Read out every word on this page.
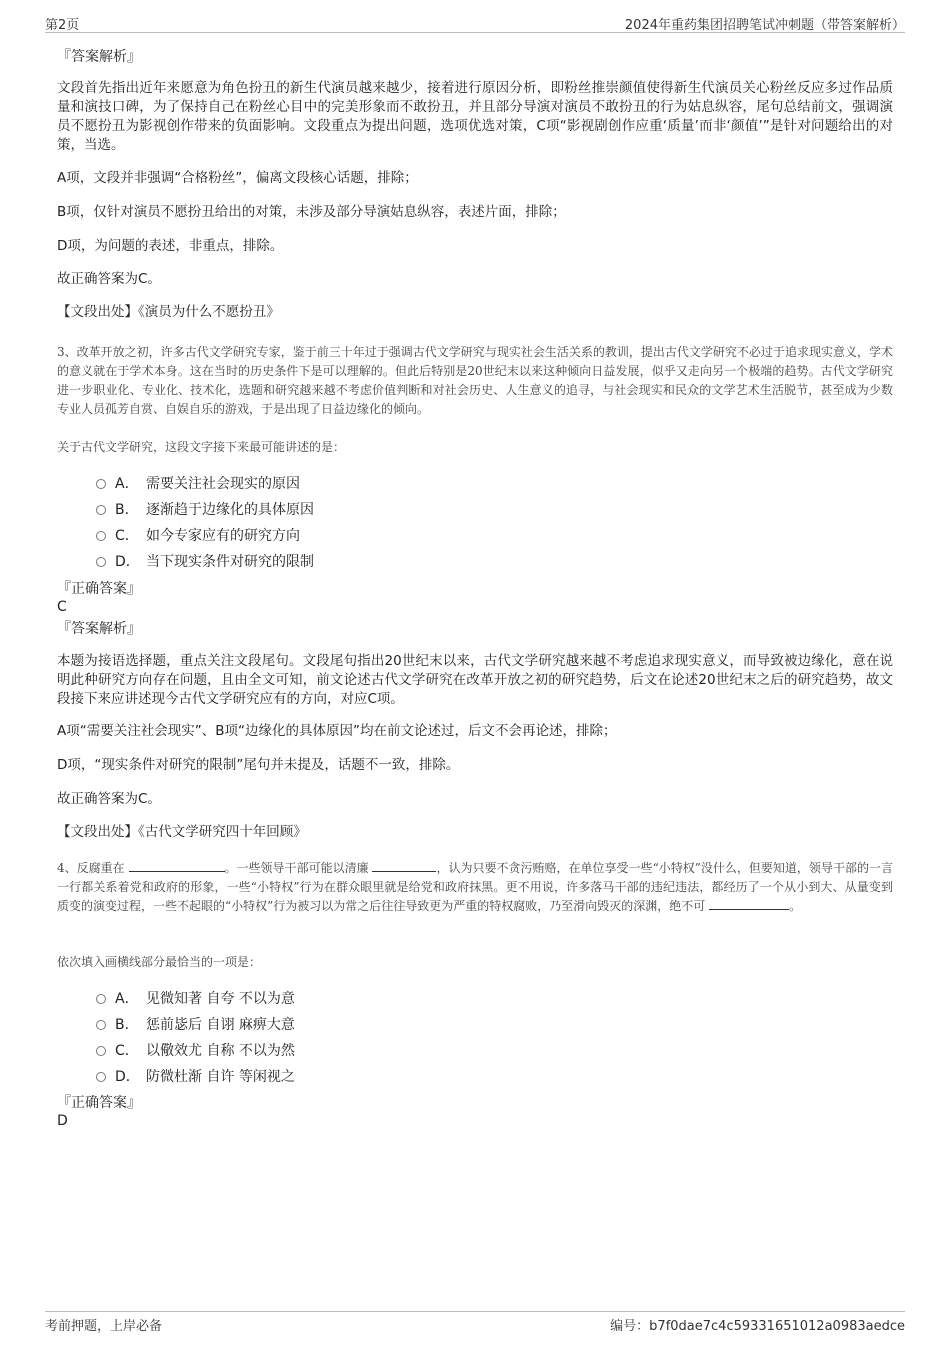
第2页	2024年重药集团招聘笔试冲刺题（带答案解析）
『答案解析』
文段首先指出近年来愿意为角色扮丑的新生代演员越来越少，接着进行原因分析，即粉丝推崇颜值使得新生代演员关心粉丝反应多过作品质量和演技口碑，为了保持自己在粉丝心目中的完美形象而不敢扮丑，并且部分导演对演员不敢扮丑的行为姑息纵容，尾句总结前文，强调演员不愿扮丑为影视创作带来的负面影响。文段重点为提出问题，选项优选对策，C项“影视剧创作应重‘质量’而非‘颜值’”是针对问题给出的对策，当选。
A项，文段并非强调“合格粉丝”，偏离文段核心话题，排除；
B项，仅针对演员不愿扮丑给出的对策，未涉及部分导演姑息纵容，表述片面，排除；
D项，为问题的表述，非重点，排除。
故正确答案为C。
【文段出处】《演员为什么不愿扮丑》
3、改革开放之初，许多古代文学研究专家，鉴于前三十年过于强调古代文学研究与现实社会生活关系的教训，提出古代文学研究不必过于追求现实意义，学术的意义就在于学术本身。这在当时的历史条件下是可以理解的。但此后特别是20世纪末以来这种倾向日益发展，似乎又走向另一个极端的趋势。古代文学研究进一步职业化、专业化、技术化，选题和研究越来越不考虑价值判断和对社会历史、人生意义的追寻，与社会现实和民众的文学艺术生活脱节，甚至成为少数专业人员孤芳自赏、自娱自乐的游戏，于是出现了日益边缘化的倾向。
关于古代文学研究，这段文字接下来最可能讲述的是：
A． 需要关注社会现实的原因
B． 逐渐趋于边缘化的具体原因
C． 如今专家应有的研究方向
D． 当下现实条件对研究的限制
『正确答案』
C
『答案解析』
本题为接语选择题，重点关注文段尾句。文段尾句指出20世纪末以来，古代文学研究越来越不考虑追求现实意义，而导致被边缘化，意在说明此种研究方向存在问题，且由全文可知，前文论述古代文学研究在改革开放之初的研究趋势，后文在论述20世纪末之后的研究趋势，故文段接下来应讲述现今古代文学研究应有的方向，对应C项。
A项“需要关注社会现实”、B项“边缘化的具体原因”均在前文论述过，后文不会再论述，排除；
D项，“现实条件对研究的限制”尾句并未提及，话题不一致，排除。
故正确答案为C。
【文段出处】《古代文学研究四十年回顾》
4、反腐重在	。一些领导干部可能以清廉	，认为只要不贪污贿赂，在单位享受一些“小特权”没什么，但要知道，领导干部的一言一行都关系着党和政府的形象，一些“小特权”行为在群众眼里就是给党和政府抹黑。更不用说，许多落马干部的违纪违法，都经历了一个从小到大、从量变到质变的演变过程，一些不起眼的“小特权”行为被习以为常之后往往导致更为严重的特权腐败，乃至滑向毁灭的深渊，绝不可	。
依次填入画横线部分最恰当的一项是：
A． 见微知著 自夸 不以为意
B． 惩前毖后 自诩 麻痹大意
C． 以儆效尤 自称 不以为然
D． 防微杜渐 自许 等闲视之
『正确答案』
D
考前押题，上岸必备	编号：b7f0dae7c4c59331651012a0983aedce
